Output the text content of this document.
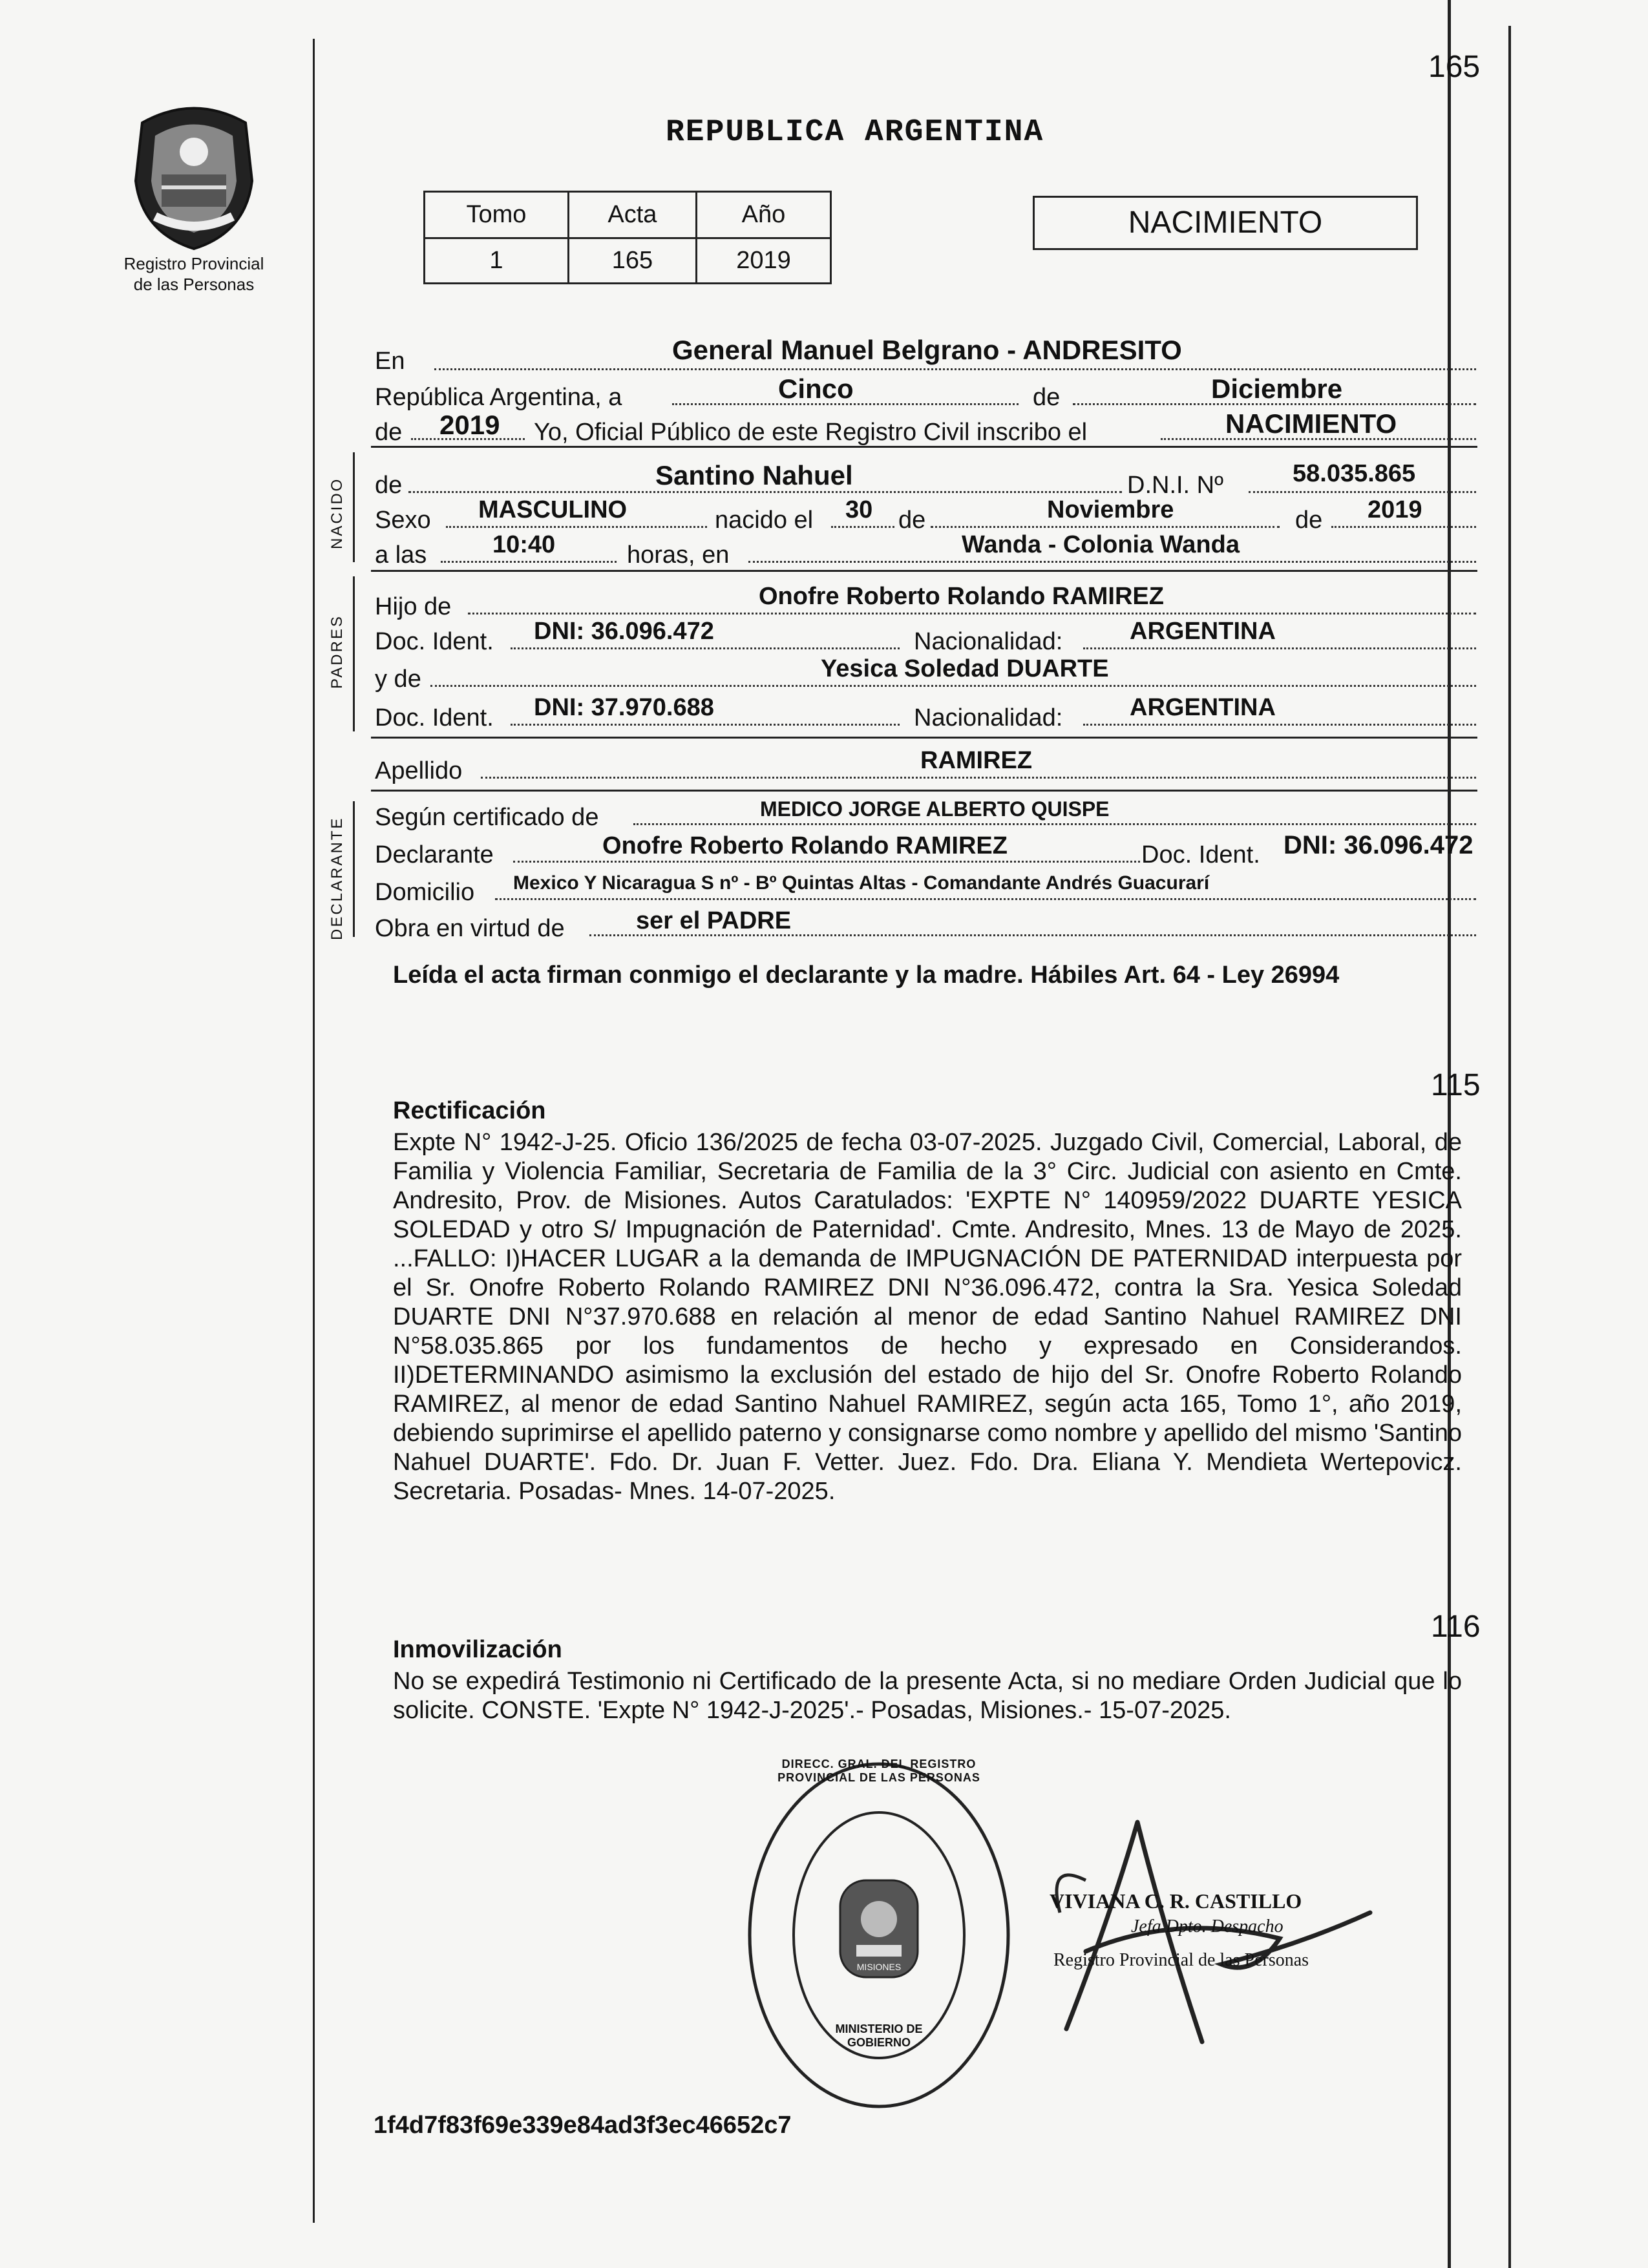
PROVINCIA DE MISIONES
Registro Provincial
de las Personas
REPUBLICA ARGENTINA
165
Tomo	Acta	Año
1	165	2019
NACIMIENTO
En	General Manuel Belgrano - ANDRESITO
República Argentina, a	Cinco	de	Diciembre
de 2019 Yo, Oficial Público de este Registro Civil inscribo el	NACIMIENTO
NACIDO de	Santino Nahuel	D.N.I. Nº	58.035.865
Sexo MASCULINO	nacido el 30 de	Noviembre	de 2019
a las	10:40	horas, en	Wanda - Colonia Wanda
PADRES
Hijo de	Onofre Roberto Rolando RAMIREZ
Doc. Ident. DNI: 36.096.472	Nacionalidad:	ARGENTINA
y de	Yesica Soledad DUARTE
Doc. Ident. DNI: 37.970.688	Nacionalidad:	ARGENTINA
Apellido	RAMIREZ
DECLARANTE Según certificado de	MEDICO JORGE ALBERTO QUISPE
Declarante	Onofre Roberto Rolando RAMIREZ	Doc. Ident. DNI: 36.096.472
Domicilio Mexico Y Nicaragua S nº - Bº Quintas Altas - Comandante Andrés Guacurarí
Obra en virtud de	ser el PADRE
Leída el acta firman conmigo el declarante y la madre. Hábiles Art. 64 - Ley 26994
115
Rectificación
Expte N° 1942-J-25. Oficio 136/2025 de fecha 03-07-2025. Juzgado Civil, Comercial, Laboral, de Familia y Violencia Familiar, Secretaria de Familia de la 3° Circ. Judicial con asiento en Cmte. Andresito, Prov. de Misiones. Autos Caratulados: 'EXPTE N° 140959/2022 DUARTE YESICA SOLEDAD y otro S/ Impugnación de Paternidad'. Cmte. Andresito, Mnes. 13 de Mayo de 2025. ...FALLO: I)HACER LUGAR a la demanda de IMPUGNACIÓN DE PATERNIDAD interpuesta por el Sr. Onofre Roberto Rolando RAMIREZ DNI N°36.096.472, contra la Sra. Yesica Soledad DUARTE DNI N°37.970.688 en relación al menor de edad Santino Nahuel RAMIREZ DNI N°58.035.865 por los fundamentos de hecho y expresado en Considerandos. II)DETERMINANDO asimismo la exclusión del estado de hijo del Sr. Onofre Roberto Rolando RAMIREZ, al menor de edad Santino Nahuel RAMIREZ, según acta 165, Tomo 1°, año 2019, debiendo suprimirse el apellido paterno y consignarse como nombre y apellido del mismo 'Santino Nahuel DUARTE'. Fdo. Dr. Juan F. Vetter. Juez. Fdo. Dra. Eliana Y. Mendieta Wertepovicz. Secretaria. Posadas- Mnes. 14-07-2025.
116
Inmovilización
No se expedirá Testimonio ni Certificado de la presente Acta, si no mediare Orden Judicial que lo solicite. CONSTE. 'Expte N° 1942-J-2025'.- Posadas, Misiones.- 15-07-2025.
DIRECC. GRAL. DEL REGISTRO PROVINCIAL DE LAS PERSONAS
MINISTERIO DE GOBIERNO
MISIONES
VIVIANA C. R. CASTILLO
Jefa Dpto. Despacho
Registro Provincial de las Personas
1f4d7f83f69e339e84ad3f3ec46652c7
